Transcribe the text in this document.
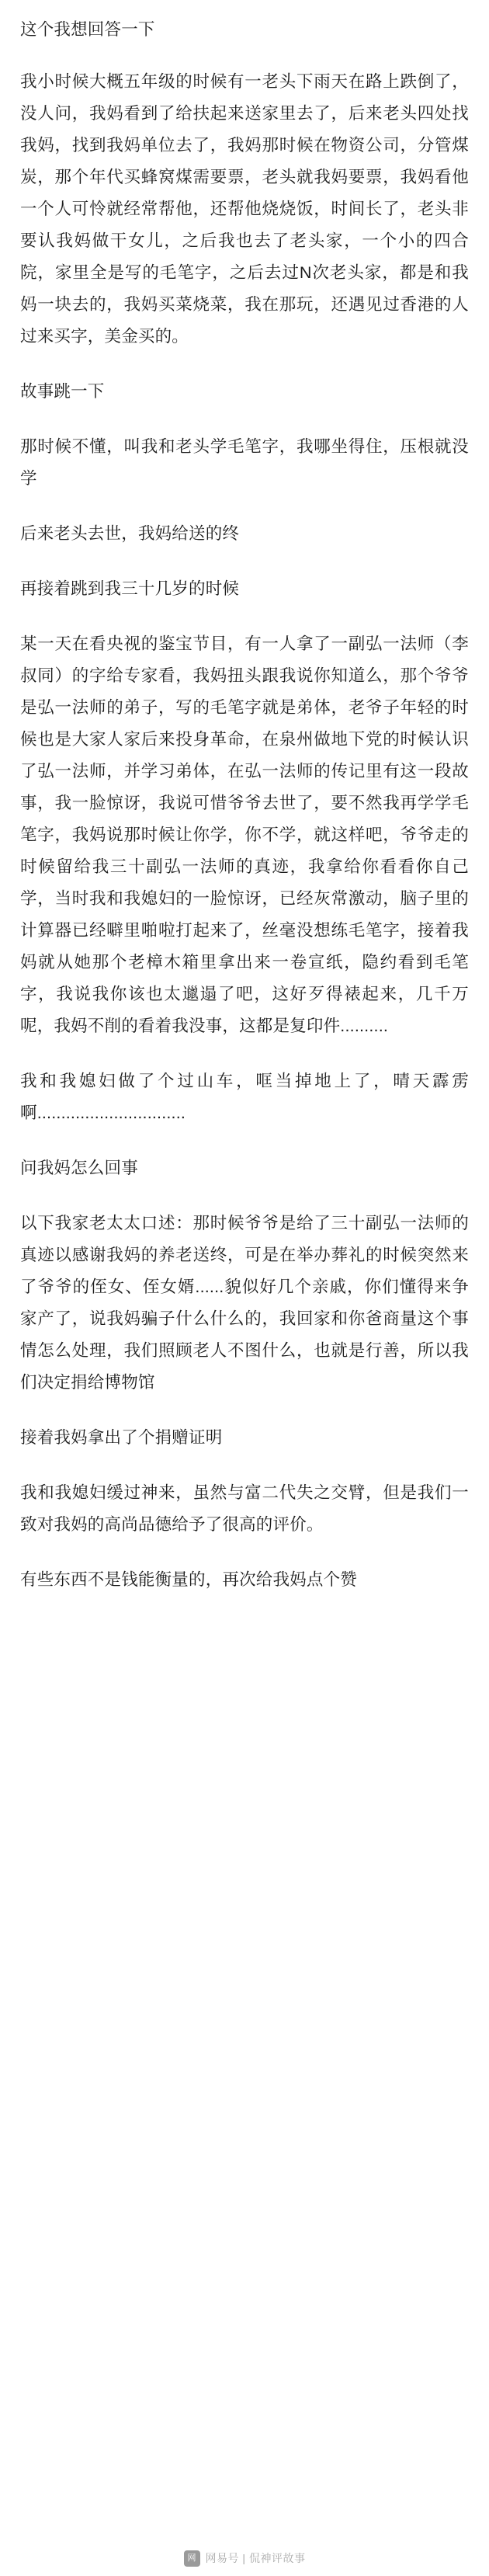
这个我想回答一下

我小时候大概五年级的时候有一老头下雨天在路上跌倒了，没人问，我妈看到了给扶起来送家里去了，后来老头四处找我妈，找到我妈单位去了，我妈那时候在物资公司，分管煤炭，那个年代买蜂窝煤需要票，老头就我妈要票，我妈看他一个人可怜就经常帮他，还帮他烧烧饭，时间长了，老头非要认我妈做干女儿，之后我也去了老头家，一个小的四合院，家里全是写的毛笔字，之后去过N次老头家，都是和我妈一块去的，我妈买菜烧菜，我在那玩，还遇见过香港的人过来买字，美金买的。

故事跳一下

那时候不懂，叫我和老头学毛笔字，我哪坐得住，压根就没学

后来老头去世，我妈给送的终

再接着跳到我三十几岁的时候

某一天在看央视的鉴宝节目，有一人拿了一副弘一法师（李叔同）的字给专家看，我妈扭头跟我说你知道么，那个爷爷是弘一法师的弟子，写的毛笔字就是弟体，老爷子年轻的时候也是大家人家后来投身革命，在泉州做地下党的时候认识了弘一法师，并学习弟体，在弘一法师的传记里有这一段故事，我一脸惊讶，我说可惜爷爷去世了，要不然我再学学毛笔字，我妈说那时候让你学，你不学，就这样吧，爷爷走的时候留给我三十副弘一法师的真迹，我拿给你看看你自己学，当时我和我媳妇的一脸惊讶，已经灰常激动，脑子里的计算器已经噼里啪啦打起来了，丝毫没想练毛笔字，接着我妈就从她那个老樟木箱里拿出来一卷宣纸，隐约看到毛笔字，我说我你该也太邋遢了吧，这好歹得裱起来，几千万呢，我妈不削的看着我没事，这都是复印件..........

我和我媳妇做了个过山车，哐当掉地上了，晴天霹雳啊...............................

问我妈怎么回事

以下我家老太太口述：那时候爷爷是给了三十副弘一法师的真迹以感谢我妈的养老送终，可是在举办葬礼的时候突然来了爷爷的侄女、侄女婿......貌似好几个亲戚，你们懂得来争家产了，说我妈骗子什么什么的，我回家和你爸商量这个事情怎么处理，我们照顾老人不图什么，也就是行善，所以我们决定捐给博物馆

接着我妈拿出了个捐赠证明

我和我媳妇缓过神来，虽然与富二代失之交臂，但是我们一致对我妈的高尚品德给予了很高的评价。

有些东西不是钱能衡量的，再次给我妈点个赞

网 网易号 | 侃神评故事
